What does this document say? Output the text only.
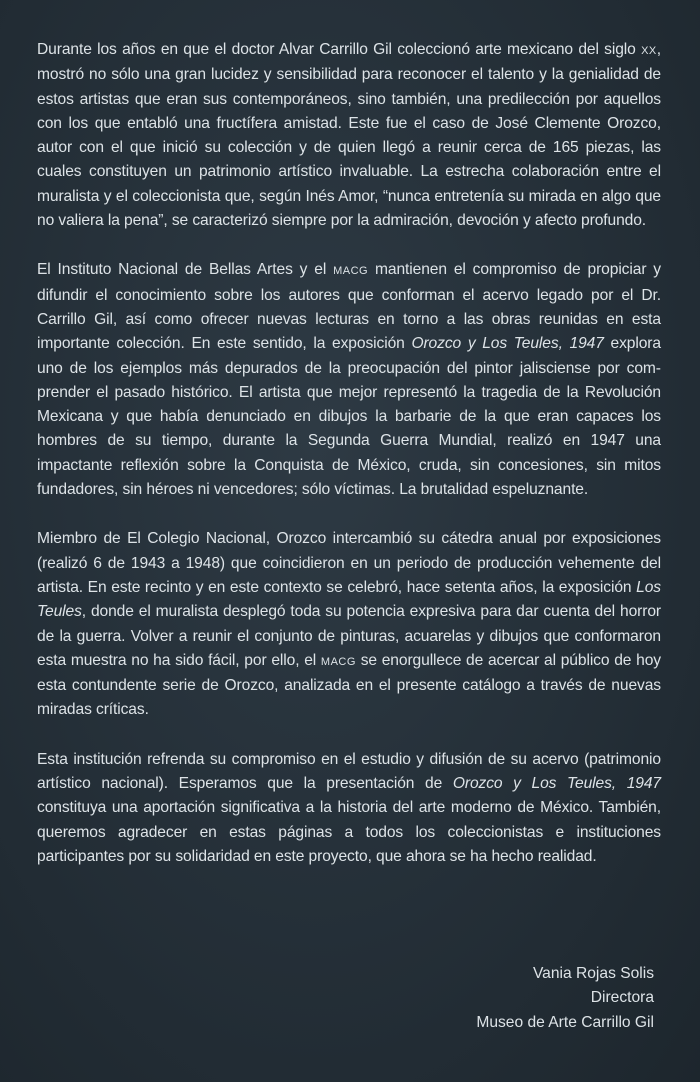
Durante los años en que el doctor Alvar Carrillo Gil coleccionó arte mexicano del siglo XX, mostró no sólo una gran lucidez y sensibilidad para reconocer el talento y la genialidad de estos artistas que eran sus contemporáneos, sino también, una predilección por aquellos con los que entabló una fructífera amistad. Este fue el caso de José Clemente Orozco, autor con el que inició su colección y de quien llegó a reunir cerca de 165 piezas, las cuales constituyen un patrimonio artístico invaluable. La estrecha colaboración entre el muralista y el coleccionista que, según Inés Amor, “nunca entretenía su mirada en algo que no valiera la pena”, se caracterizó siempre por la admiración, devoción y afecto profundo.

El Instituto Nacional de Bellas Artes y el MACG mantienen el compromiso de propiciar y difundir el conocimiento sobre los autores que conforman el acervo legado por el Dr. Carrillo Gil, así como ofrecer nuevas lecturas en torno a las obras reunidas en esta importante colección. En este sentido, la exposición Orozco y Los Teules, 1947 explora uno de los ejemplos más depurados de la preocupación del pintor jalisciense por comprender el pasado histórico. El artista que mejor representó la tragedia de la Revolución Mexicana y que había denunciado en dibujos la barbarie de la que eran capaces los hombres de su tiempo, durante la Segunda Guerra Mundial, realizó en 1947 una impactante reflexión sobre la Conquista de México, cruda, sin concesiones, sin mitos fundadores, sin héroes ni vencedores; sólo víctimas. La brutalidad espeluznante.

Miembro de El Colegio Nacional, Orozco intercambió su cátedra anual por exposiciones (realizó 6 de 1943 a 1948) que coincidieron en un periodo de producción vehemente del artista. En este recinto y en este contexto se celebró, hace setenta años, la exposición Los Teules, donde el muralista desplegó toda su potencia expresiva para dar cuenta del horror de la guerra. Volver a reunir el conjunto de pinturas, acuarelas y dibujos que conformaron esta muestra no ha sido fácil, por ello, el MACG se enorgullece de acercar al público de hoy esta contundente serie de Orozco, analizada en el presente catálogo a través de nuevas miradas críticas.

Esta institución refrenda su compromiso en el estudio y difusión de su acervo (patrimonio artístico nacional). Esperamos que la presentación de Orozco y Los Teules, 1947 constituya una aportación significativa a la historia del arte moderno de México. También, queremos agradecer en estas páginas a todos los coleccionistas e instituciones participantes por su solidaridad en este proyecto, que ahora se ha hecho realidad.

Vania Rojas Solis
Directora
Museo de Arte Carrillo Gil
